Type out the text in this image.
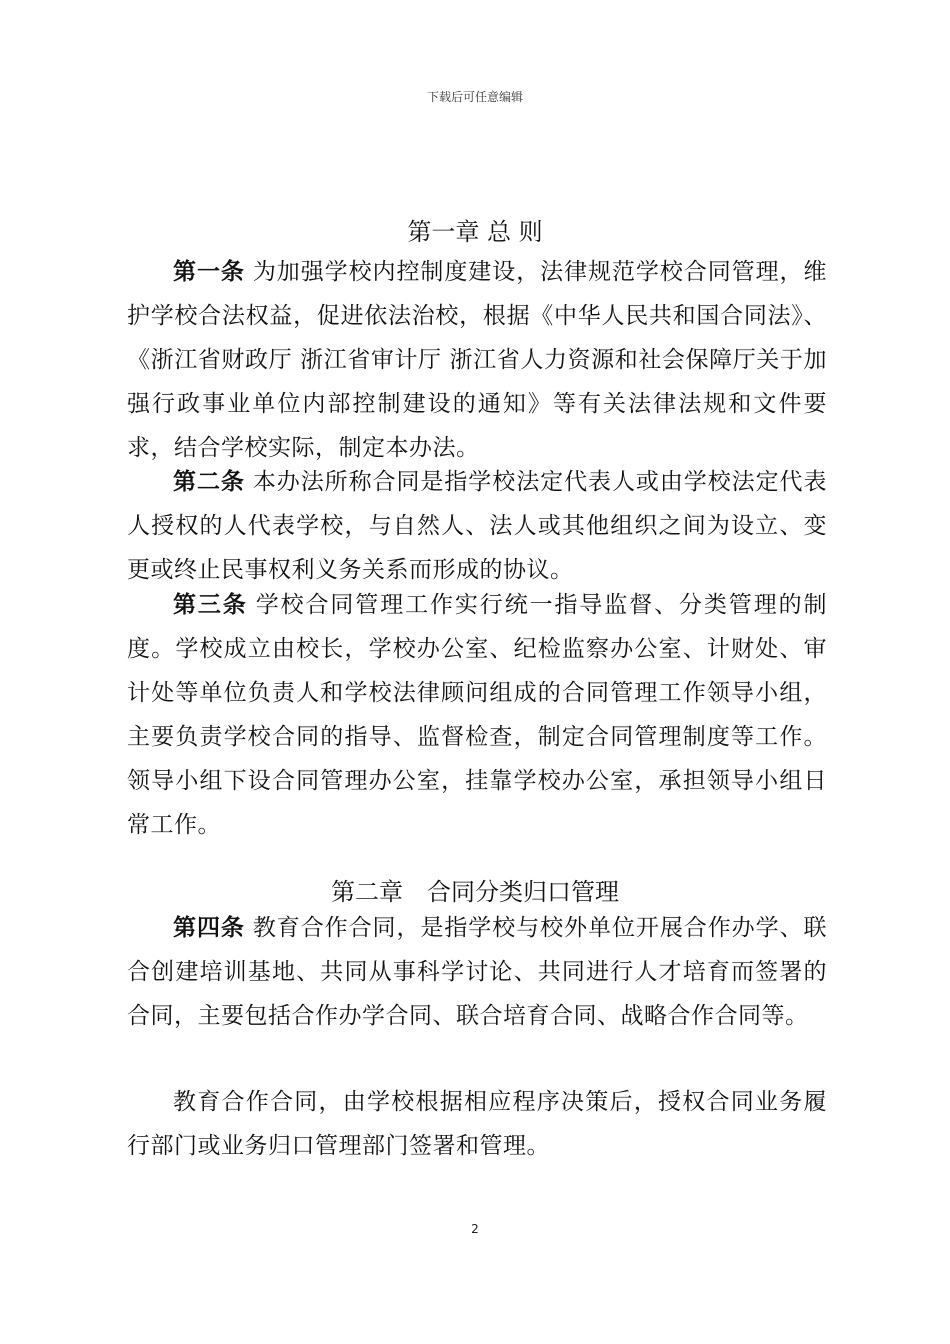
下载后可任意编辑
第一章 总 则
第一条 为加强学校内控制度建设，法律规范学校合同管理，维护学校合法权益，促进依法治校，根据《中华人民共和国合同法》、《浙江省财政厅 浙江省审计厅 浙江省人力资源和社会保障厅关于加强行政事业单位内部控制建设的通知》等有关法律法规和文件要求，结合学校实际，制定本办法。
第二条 本办法所称合同是指学校法定代表人或由学校法定代表人授权的人代表学校，与自然人、法人或其他组织之间为设立、变更或终止民事权利义务关系而形成的协议。
第三条 学校合同管理工作实行统一指导监督、分类管理的制度。学校成立由校长，学校办公室、纪检监察办公室、计财处、审计处等单位负责人和学校法律顾问组成的合同管理工作领导小组，主要负责学校合同的指导、监督检查，制定合同管理制度等工作。领导小组下设合同管理办公室，挂靠学校办公室，承担领导小组日常工作。
第二章　合同分类归口管理
第四条 教育合作合同，是指学校与校外单位开展合作办学、联合创建培训基地、共同从事科学讨论、共同进行人才培育而签署的合同，主要包括合作办学合同、联合培育合同、战略合作合同等。
教育合作合同，由学校根据相应程序决策后，授权合同业务履行部门或业务归口管理部门签署和管理。
2
